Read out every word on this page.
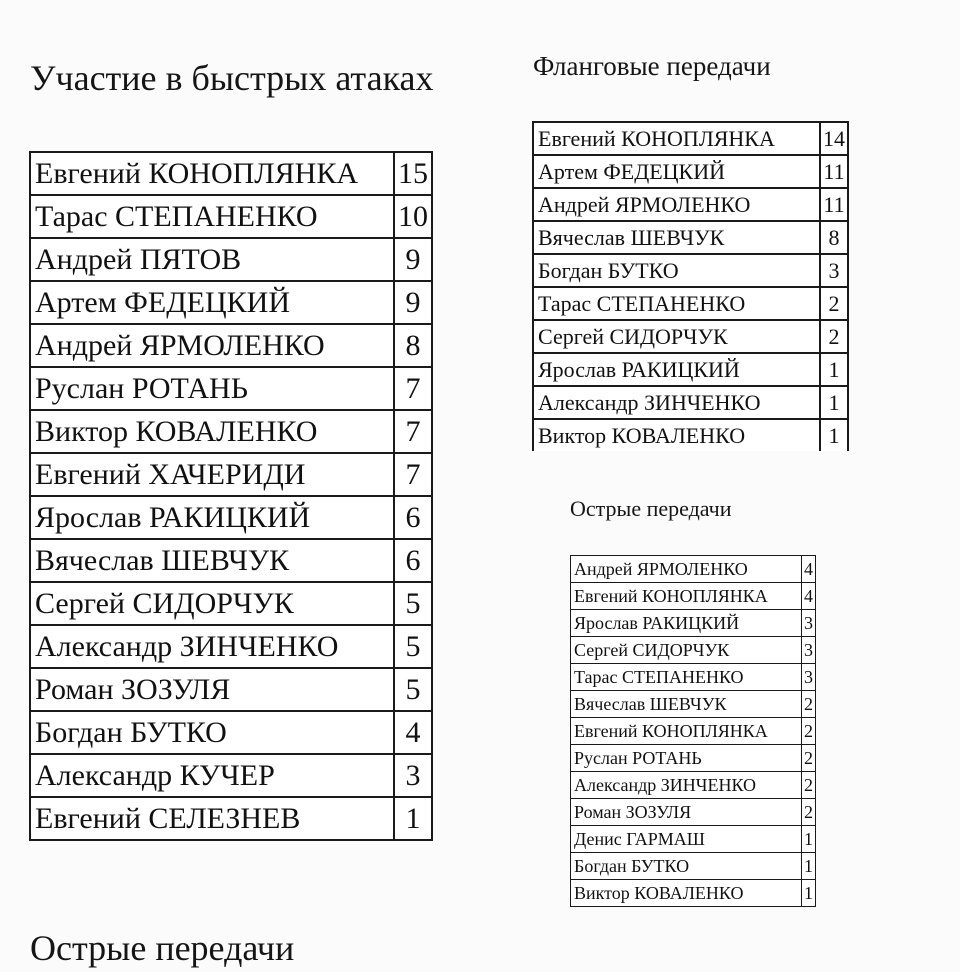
Участие в быстрых атаках
Евгений КОНОПЛЯНКА	15
Тарас СТЕПАНЕНКО	10
Андрей ПЯТОВ	9
Артем ФЕДЕЦКИЙ	9
Андрей ЯРМОЛЕНКО	8
Руслан РОТАНЬ	7
Виктор КОВАЛЕНКО	7
Евгений ХАЧЕРИДИ	7
Ярослав РАКИЦКИЙ	6
Вячеслав ШЕВЧУК	6
Сергей СИДОРЧУК	5
Александр ЗИНЧЕНКО	5
Роман ЗОЗУЛЯ	5
Богдан БУТКО	4
Александр КУЧЕР	3
Евгений СЕЛЕЗНЕВ	1
Фланговые передачи
Евгений КОНОПЛЯНКА	14
Артем ФЕДЕЦКИЙ	11
Андрей ЯРМОЛЕНКО	11
Вячеслав ШЕВЧУК	8
Богдан БУТКО	3
Тарас СТЕПАНЕНКО	2
Сергей СИДОРЧУК	2
Ярослав РАКИЦКИЙ	1
Александр ЗИНЧЕНКО	1
Виктор КОВАЛЕНКО	1
Острые передачи
Андрей ЯРМОЛЕНКО	4
Евгений КОНОПЛЯНКА	4
Ярослав РАКИЦКИЙ	3
Сергей СИДОРЧУК	3
Тарас СТЕПАНЕНКО	3
Вячеслав ШЕВЧУК	2
Евгений КОНОПЛЯНКА	2
Руслан РОТАНЬ	2
Александр ЗИНЧЕНКО	2
Роман ЗОЗУЛЯ	2
Денис ГАРМАШ	1
Богдан БУТКО	1
Виктор КОВАЛЕНКО	1
Острые передачи
